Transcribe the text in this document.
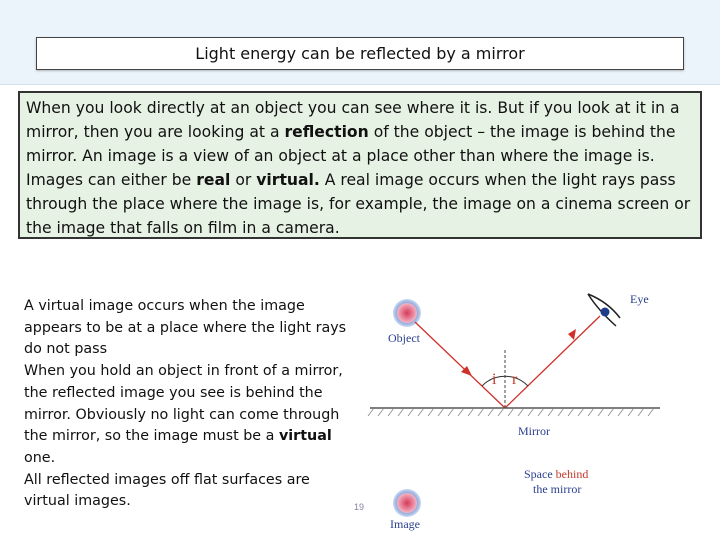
Light energy can be reflected by a mirror
When you look directly at an object you can see where it is. But if you look at it in a mirror, then you are looking at a reflection of the object – the image is behind the mirror. An image is a view of an object at a place other than where the image is. Images can either be real or virtual. A real image occurs when the light rays pass through the place where the image is, for example, the image on a cinema screen or the image that falls on film in a camera.

A virtual image occurs when the image appears to be at a place where the light rays do not pass

When you hold an object in front of a mirror, the reflected image you see is behind the mirror. Obviously no light can come through the mirror, so the image must be a virtual one.

All reflected images off flat surfaces are virtual images.

Object
Eye
i r
Mirror
Space behind
the mirror
Image
19
